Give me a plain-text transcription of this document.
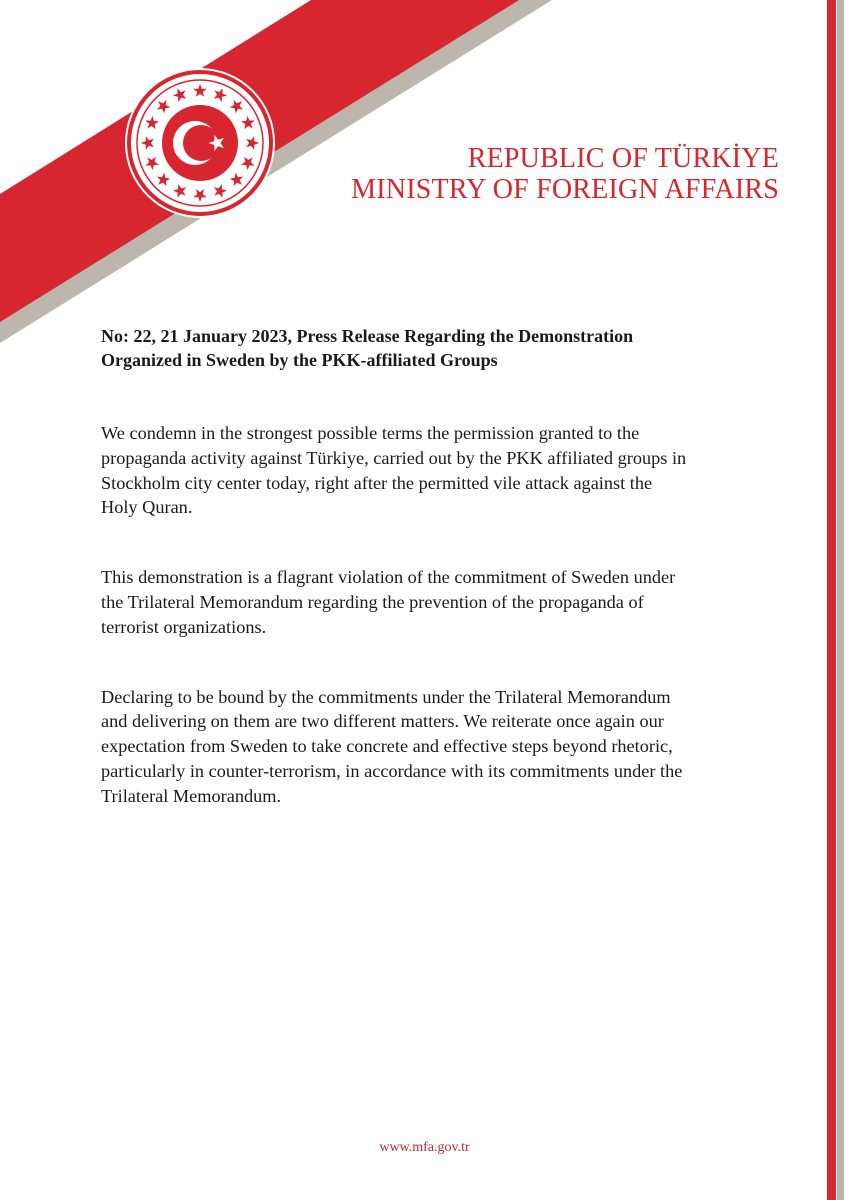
REPUBLIC OF TÜRKİYE
MINISTRY OF FOREIGN AFFAIRS
No: 22, 21 January 2023, Press Release Regarding the Demonstration
Organized in Sweden by the PKK-affiliated Groups

We condemn in the strongest possible terms the permission granted to the
propaganda activity against Türkiye, carried out by the PKK affiliated groups in
Stockholm city center today, right after the permitted vile attack against the
Holy Quran.

This demonstration is a flagrant violation of the commitment of Sweden under
the Trilateral Memorandum regarding the prevention of the propaganda of
terrorist organizations.

Declaring to be bound by the commitments under the Trilateral Memorandum
and delivering on them are two different matters. We reiterate once again our
expectation from Sweden to take concrete and effective steps beyond rhetoric,
particularly in counter-terrorism, in accordance with its commitments under the
Trilateral Memorandum.

www.mfa.gov.tr
